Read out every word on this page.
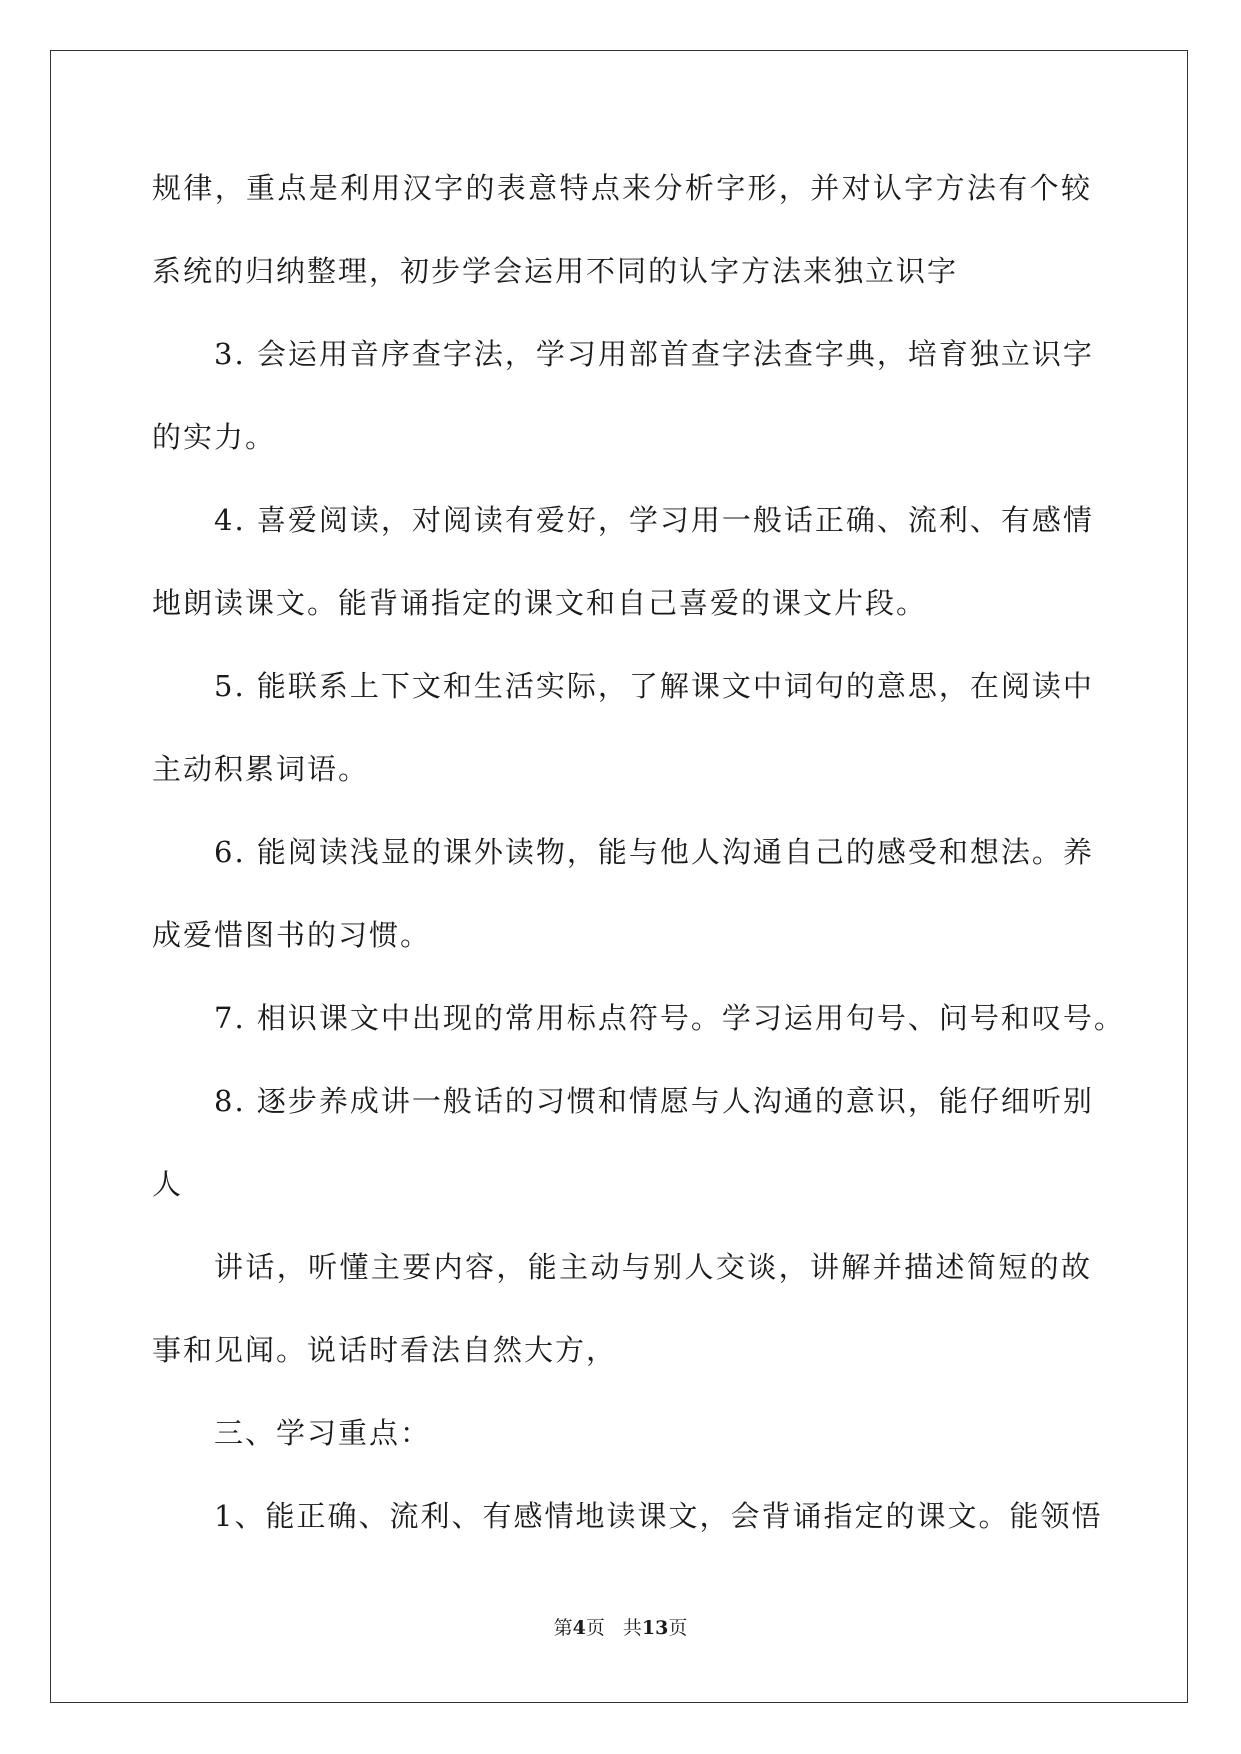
规律，重点是利用汉字的表意特点来分析字形，并对认字方法有个较
系统的归纳整理，初步学会运用不同的认字方法来独立识字
3. 会运用音序查字法，学习用部首查字法查字典，培育独立识字
的实力。
4. 喜爱阅读，对阅读有爱好，学习用一般话正确、流利、有感情
地朗读课文。能背诵指定的课文和自己喜爱的课文片段。
5. 能联系上下文和生活实际，了解课文中词句的意思，在阅读中
主动积累词语。
6. 能阅读浅显的课外读物，能与他人沟通自己的感受和想法。养
成爱惜图书的习惯。
7. 相识课文中出现的常用标点符号。学习运用句号、问号和叹号。
8. 逐步养成讲一般话的习惯和情愿与人沟通的意识，能仔细听别
人
讲话，听懂主要内容，能主动与别人交谈，讲解并描述简短的故
事和见闻。说话时看法自然大方，
三、学习重点：
1、能正确、流利、有感情地读课文，会背诵指定的课文。能领悟
第4页 共13页
